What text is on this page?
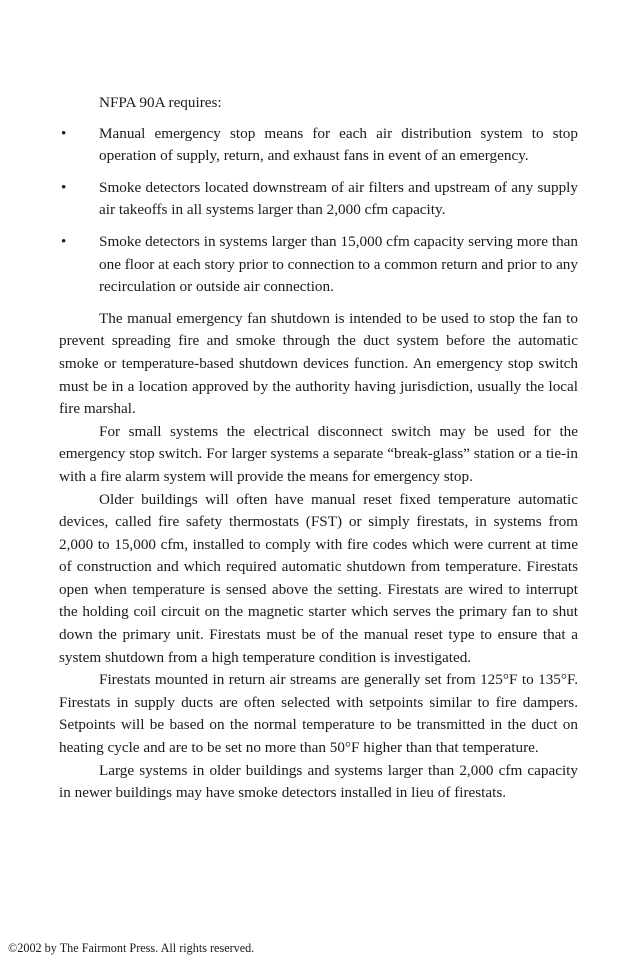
NFPA 90A requires:

• Manual emergency stop means for each air distribution system to stop operation of supply, return, and exhaust fans in event of an emergency.
• Smoke detectors located downstream of air filters and upstream of any supply air takeoffs in all systems larger than 2,000 cfm capacity.
• Smoke detectors in systems larger than 15,000 cfm capacity serving more than one floor at each story prior to connection to a common return and prior to any recirculation or outside air connection.

The manual emergency fan shutdown is intended to be used to stop the fan to prevent spreading fire and smoke through the duct system before the automatic smoke or temperature-based shutdown devices function. An emergency stop switch must be in a location approved by the authority having jurisdiction, usually the local fire marshal.

For small systems the electrical disconnect switch may be used for the emergency stop switch. For larger systems a separate “break-glass” station or a tie-in with a fire alarm system will provide the means for emergency stop.

Older buildings will often have manual reset fixed temperature automatic devices, called fire safety thermostats (FST) or simply firestats, in systems from 2,000 to 15,000 cfm, installed to comply with fire codes which were current at time of construction and which required automatic shutdown from temperature. Firestats open when temperature is sensed above the setting. Firestats are wired to interrupt the holding coil circuit on the magnetic starter which serves the primary fan to shut down the primary unit. Firestats must be of the manual reset type to ensure that a system shutdown from a high temperature condition is investigated.

Firestats mounted in return air streams are generally set from 125°F to 135°F. Firestats in supply ducts are often selected with setpoints similar to fire dampers. Setpoints will be based on the normal temperature to be transmitted in the duct on heating cycle and are to be set no more than 50°F higher than that temperature.

Large systems in older buildings and systems larger than 2,000 cfm capacity in newer buildings may have smoke detectors installed in lieu of firestats.

©2002 by The Fairmont Press. All rights reserved.
